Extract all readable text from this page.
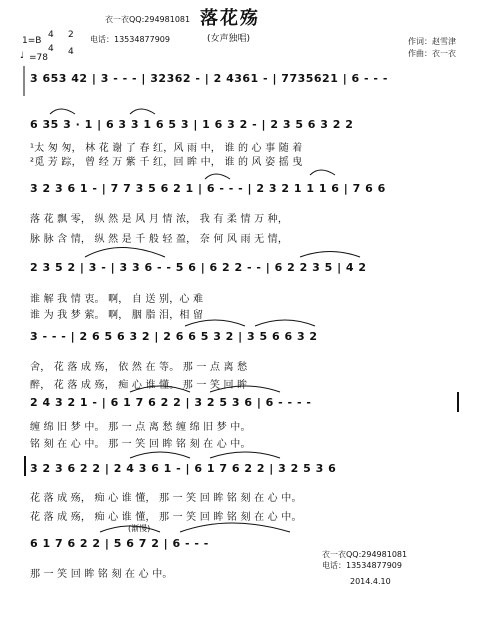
落花殇
衣一衣QQ:294981081
电话：13534877909	(女声独唱)
1=B
4
4
2
4
♩ =78
作词：赵雪津
作曲：衣一衣
3 653 42 | 3 - - - | 32362 - | 2 4361 - | 7735621 | 6 - - -
6 35 3 · 1 | 6 3 3 1 6 5 3 | 1 6 3 2 - | 2 3 5 6 3 2 2
¹太 匆 匆， 林 花 谢 了 春 红，风 雨 中， 谁 的 心 事 随 着
²觅 芳 踪， 曾 经 万 紫 千 红，回 眸 中， 谁 的 风 姿 摇 曳
3 2 3 6 1 - | 7 7 3 5 6 2 1 | 6 - - - | 2 3 2 1 1 1 6 | 7 6 6
落 花 飘 零， 纵 然 是 风 月 情 浓， 我 有 柔 情 万 种，
脉 脉 含 情， 纵 然 是 千 般 轻 盈， 奈 何 风 雨 无 情，
2 3 5 2 | 3 - | 3 3 6 - - 5 6 | 6 2 2 - - | 6 2 2 3 5 | 4 2
谁 解 我 情 衷。 啊， 自 送 别，心 难
谁 为 我 梦 萦。 啊， 胭 脂 泪，相 留
3 - - - | 2 6 5 6 3 2 | 2 6 6 5 3 2 | 3 5 6 6 3 2
舍， 花 落 成 殇， 依 然 在 等。 那 一 点 离 愁
醉， 花 落 成 殇， 痴 心 谁 懂。 那 一 笑 回 眸
2 4 3 2 1 - | 6 1 7 6 2 2 | 3 2 5 3 6 | 6 - - - -
缠 绵 旧 梦 中。 那 一 点 离 愁 缠 绵 旧 梦 中。
铭 刻 在 心 中。 那 一 笑 回 眸 铭 刻 在 心 中。
3 2 3 6 2 2 | 2 4 3 6 1 - | 6 1 7 6 2 2 | 3 2 5 3 6
花 落 成 殇， 痴 心 谁 懂， 那 一 笑 回 眸 铭 刻 在 心 中。
花 落 成 殇， 痴 心 谁 懂， 那 一 笑 回 眸 铭 刻 在 心 中。
(渐慢)
6 1 7 6 2 2 | 5 6 7 2 | 6 - - -
那 一 笑 回 眸 铭 刻 在 心 中。
衣一衣QQ:294981081
电话：13534877909
2014.4.10
